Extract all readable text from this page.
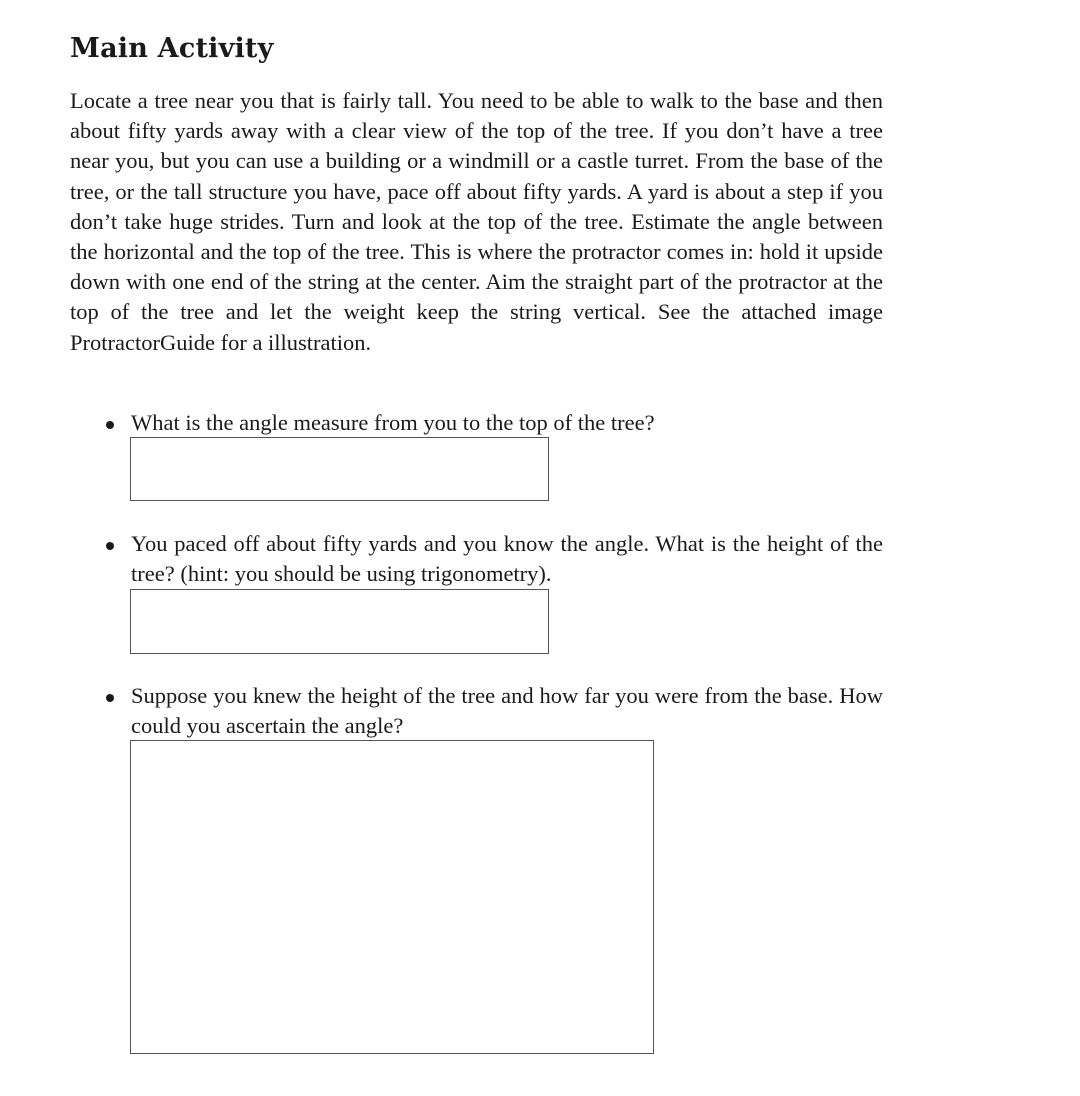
Main Activity

Locate a tree near you that is fairly tall. You need to be able to walk to the base and then about fifty yards away with a clear view of the top of the tree. If you don’t have a tree near you, but you can use a building or a windmill or a castle turret. From the base of the tree, or the tall structure you have, pace off about fifty yards. A yard is about a step if you don’t take huge strides. Turn and look at the top of the tree. Estimate the angle between the horizontal and the top of the tree. This is where the protractor comes in: hold it upside down with one end of the string at the center. Aim the straight part of the protractor at the top of the tree and let the weight keep the string vertical. See the attached image ProtractorGuide for a illustration.

What is the angle measure from you to the top of the tree?

You paced off about fifty yards and you know the angle. What is the height of the tree? (hint: you should be using trigonometry).

Suppose you knew the height of the tree and how far you were from the base. How could you ascertain the angle?
